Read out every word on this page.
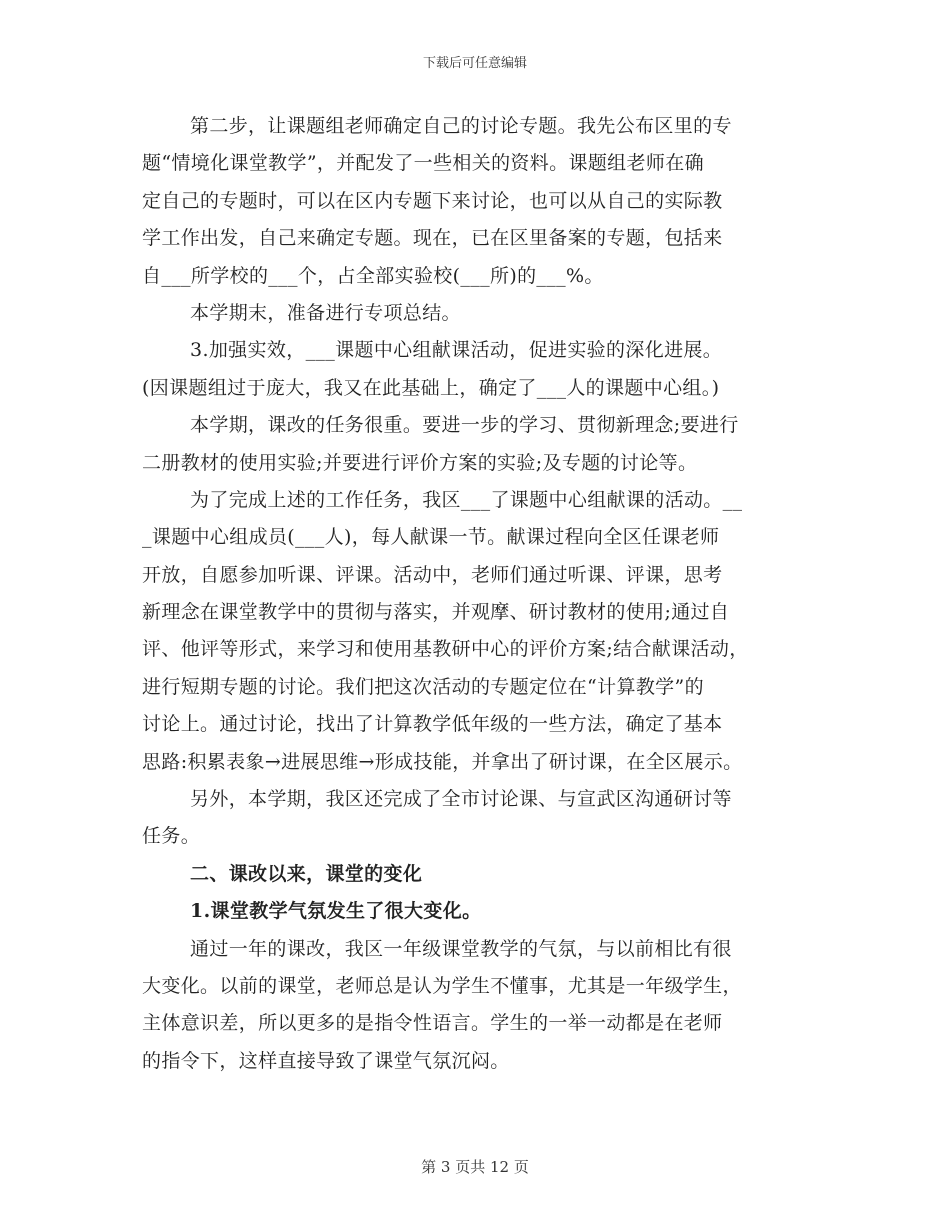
下载后可任意编辑
第二步，让课题组老师确定自己的讨论专题。我先公布区里的专
题“情境化课堂教学”，并配发了一些相关的资料。课题组老师在确
定自己的专题时，可以在区内专题下来讨论，也可以从自己的实际教
学工作出发，自己来确定专题。现在，已在区里备案的专题，包括来
自___所学校的___个，占全部实验校(___所)的___%。
本学期末，准备进行专项总结。
3.加强实效，___课题中心组献课活动，促进实验的深化进展。
(因课题组过于庞大，我又在此基础上，确定了___人的课题中心组。)
本学期，课改的任务很重。要进一步的学习、贯彻新理念;要进行
二册教材的使用实验;并要进行评价方案的实验;及专题的讨论等。
为了完成上述的工作任务，我区___了课题中心组献课的活动。__
_课题中心组成员(___人)，每人献课一节。献课过程向全区任课老师
开放，自愿参加听课、评课。活动中，老师们通过听课、评课，思考
新理念在课堂教学中的贯彻与落实，并观摩、研讨教材的使用;通过自
评、他评等形式，来学习和使用基教研中心的评价方案;结合献课活动，
进行短期专题的讨论。我们把这次活动的专题定位在“计算教学”的
讨论上。通过讨论，找出了计算教学低年级的一些方法，确定了基本
思路:积累表象→进展思维→形成技能，并拿出了研讨课，在全区展示。
另外，本学期，我区还完成了全市讨论课、与宣武区沟通研讨等
任务。
二、课改以来，课堂的变化
1.课堂教学气氛发生了很大变化。
通过一年的课改，我区一年级课堂教学的气氛，与以前相比有很
大变化。以前的课堂，老师总是认为学生不懂事，尤其是一年级学生，
主体意识差，所以更多的是指令性语言。学生的一举一动都是在老师
的指令下，这样直接导致了课堂气氛沉闷。
第 3 页共 12 页
